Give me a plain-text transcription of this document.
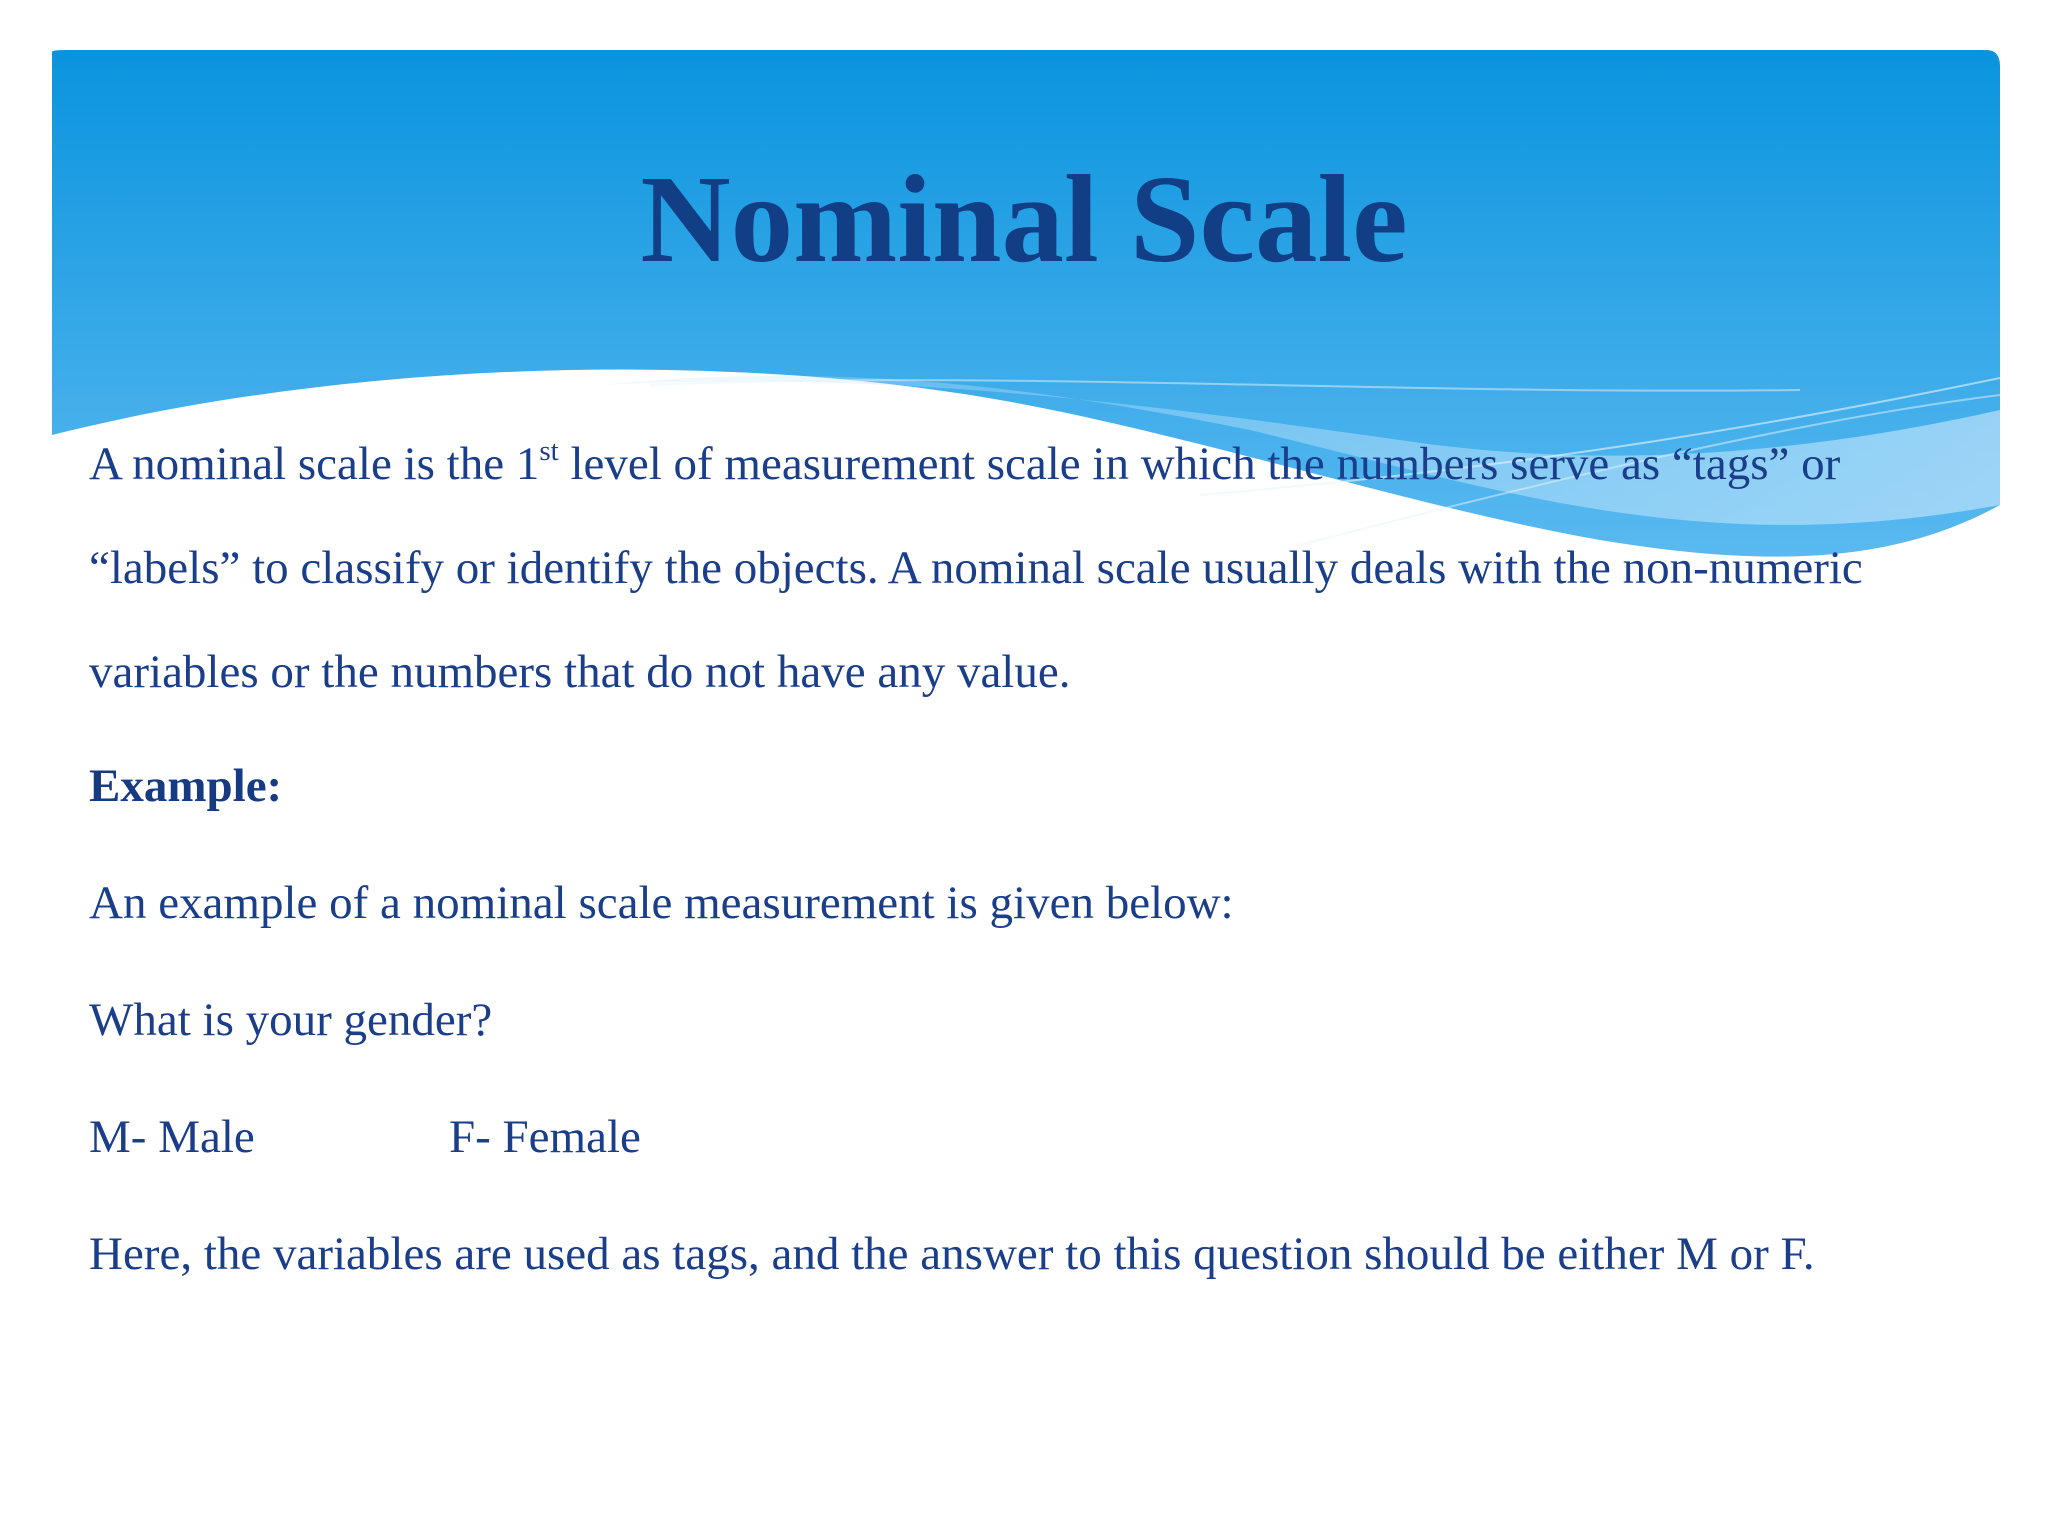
Nominal Scale

A nominal scale is the 1st level of measurement scale in which the numbers serve as “tags” or “labels” to classify or identify the objects. A nominal scale usually deals with the non-numeric variables or the numbers that do not have any value.

Example:

An example of a nominal scale measurement is given below:

What is your gender?

M- Male	F- Female

Here, the variables are used as tags, and the answer to this question should be either M or F.
